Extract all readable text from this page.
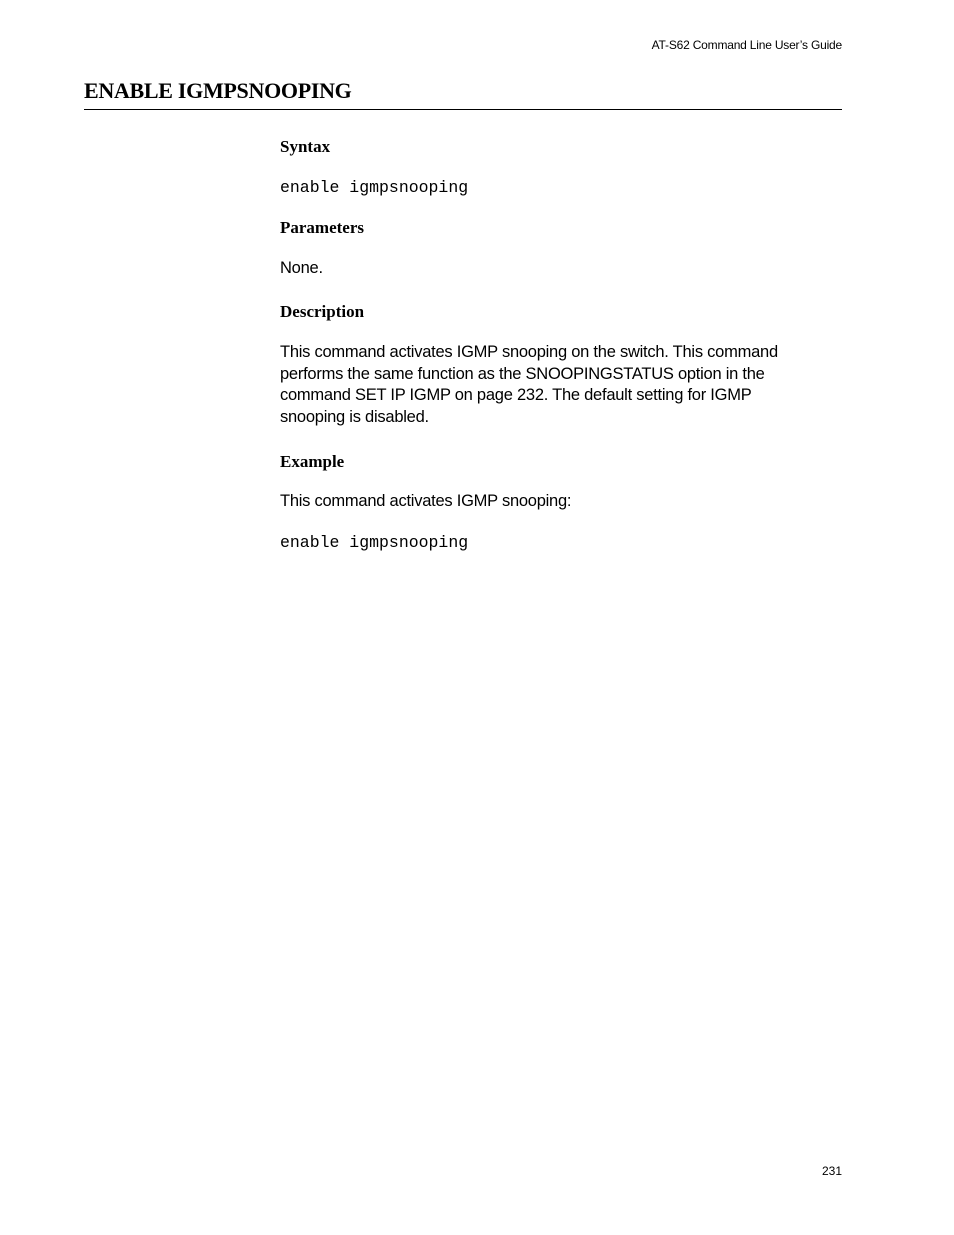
AT-S62 Command Line User’s Guide
ENABLE IGMPSNOOPING
Syntax
enable igmpsnooping
Parameters

None.

Description

This command activates IGMP snooping on the switch. This command
performs the same function as the SNOOPINGSTATUS option in the
command SET IP IGMP on page 232. The default setting for IGMP
snooping is disabled.

Example

This command activates IGMP snooping:

enable igmpsnooping
231
